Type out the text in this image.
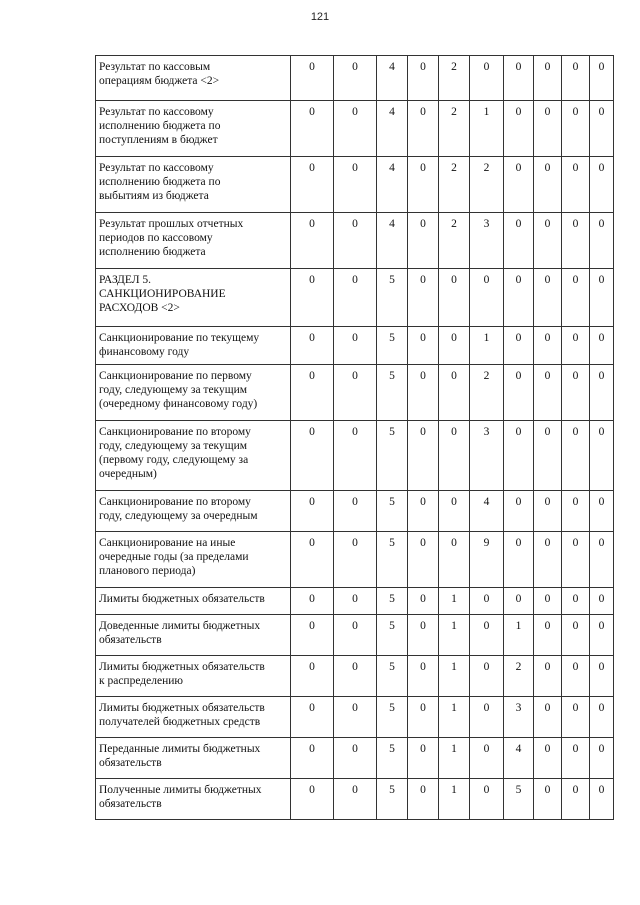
121
Результат по кассовым
операциям бюджета <2>	0	0	4	0	2	0	0	0	0	0

Результат по кассовому
исполнению бюджета по
поступлениям в бюджет	0	0	4	0	2	1	0	0	0	0

Результат по кассовому
исполнению бюджета по
выбытиям из бюджета	0	0	4	0	2	2	0	0	0	0

Результат прошлых отчетных
периодов по кассовому
исполнению бюджета	0	0	4	0	2	3	0	0	0	0

РАЗДЕЛ 5.
САНКЦИОНИРОВАНИЕ
РАСХОДОВ <2>	0	0	5	0	0	0	0	0	0	0

Санкционирование по текущему
финансовому году	0	0	5	0	0	1	0	0	0	0

Санкционирование по первому
году, следующему за текущим
(очередному финансовому году)	0	0	5	0	0	2	0	0	0	0

Санкционирование по второму
году, следующему за текущим
(первому году, следующему за
очередным)	0	0	5	0	0	3	0	0	0	0

Санкционирование по второму
году, следующему за очередным	0	0	5	0	0	4	0	0	0	0

Санкционирование на иные
очередные годы (за пределами
планового периода)	0	0	5	0	0	9	0	0	0	0

Лимиты бюджетных обязательств	0	0	5	0	1	0	0	0	0	0

Доведенные лимиты бюджетных
обязательств	0	0	5	0	1	0	1	0	0	0

Лимиты бюджетных обязательств
к распределению	0	0	5	0	1	0	2	0	0	0

Лимиты бюджетных обязательств
получателей бюджетных средств	0	0	5	0	1	0	3	0	0	0

Переданные лимиты бюджетных
обязательств	0	0	5	0	1	0	4	0	0	0

Полученные лимиты бюджетных
обязательств	0	0	5	0	1	0	5	0	0	0
